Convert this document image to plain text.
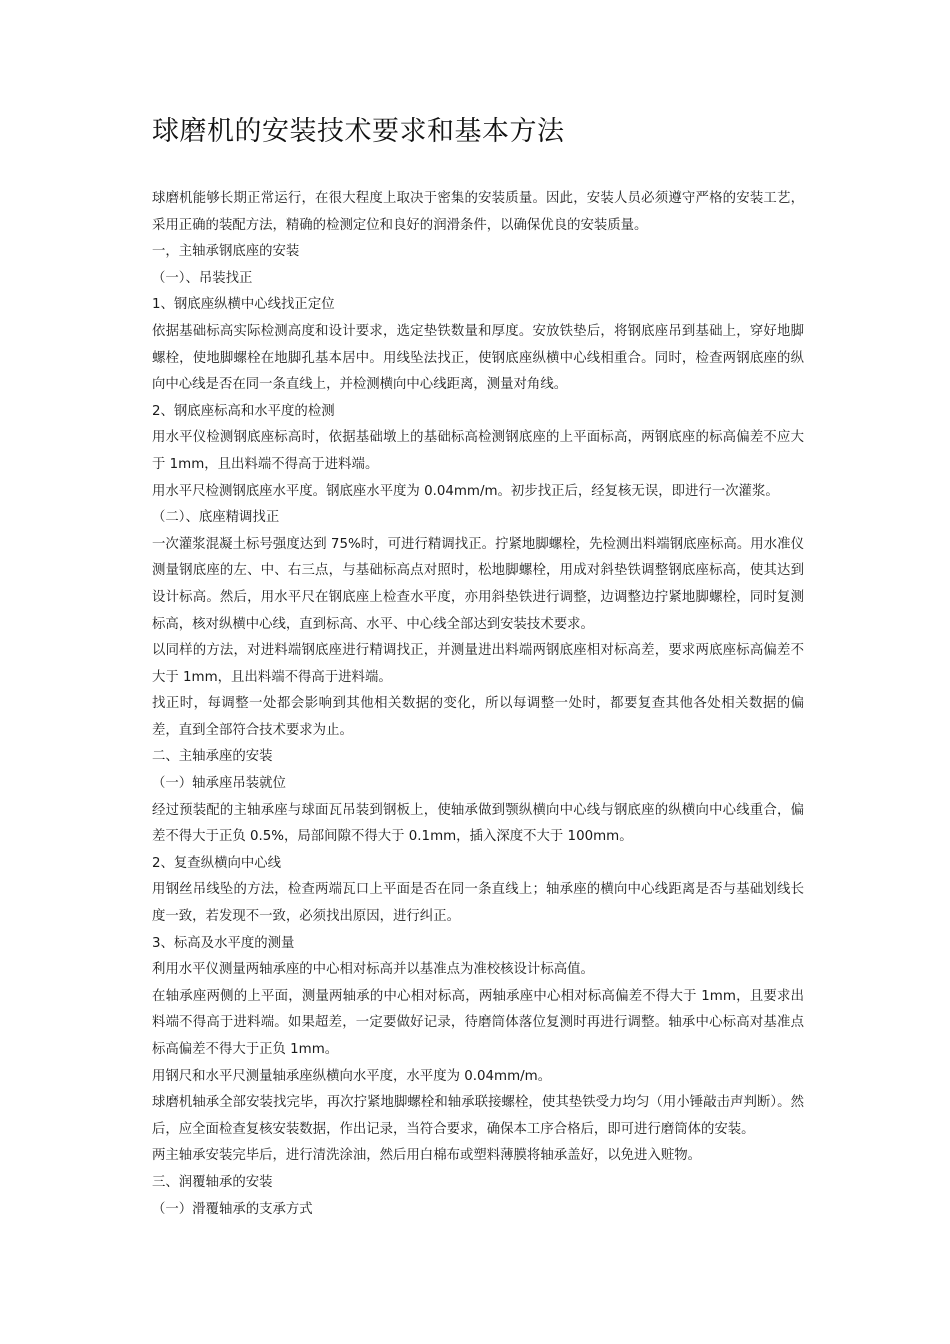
球磨机的安装技术要求和基本方法

球磨机能够长期正常运行，在很大程度上取决于密集的安装质量。因此，安装人员必须遵守严格的安装工艺，采用正确的装配方法，精确的检测定位和良好的润滑条件，以确保优良的安装质量。

一，主轴承钢底座的安装

（一）、吊装找正

1、钢底座纵横中心线找正定位

依据基础标高实际检测高度和设计要求，选定垫铁数量和厚度。安放铁垫后，将钢底座吊到基础上，穿好地脚螺栓，使地脚螺栓在地脚孔基本居中。用线坠法找正，使钢底座纵横中心线相重合。同时，检查两钢底座的纵向中心线是否在同一条直线上，并检测横向中心线距离，测量对角线。

2、钢底座标高和水平度的检测

用水平仪检测钢底座标高时，依据基础墩上的基础标高检测钢底座的上平面标高，两钢底座的标高偏差不应大于 1mm，且出料端不得高于进料端。

用水平尺检测钢底座水平度。钢底座水平度为 0.04mm/m。初步找正后，经复核无误，即进行一次灌浆。

（二）、底座精调找正

一次灌浆混凝土标号强度达到 75%时，可进行精调找正。拧紧地脚螺栓，先检测出料端钢底座标高。用水准仪测量钢底座的左、中、右三点，与基础标高点对照时，松地脚螺栓，用成对斜垫铁调整钢底座标高，使其达到设计标高。然后，用水平尺在钢底座上检查水平度，亦用斜垫铁进行调整，边调整边拧紧地脚螺栓，同时复测标高，核对纵横中心线，直到标高、水平、中心线全部达到安装技术要求。

以同样的方法，对进料端钢底座进行精调找正，并测量进出料端两钢底座相对标高差，要求两底座标高偏差不大于 1mm，且出料端不得高于进料端。

找正时，每调整一处都会影响到其他相关数据的变化，所以每调整一处时，都要复查其他各处相关数据的偏差，直到全部符合技术要求为止。

二、主轴承座的安装

（一）轴承座吊装就位

经过预装配的主轴承座与球面瓦吊装到钢板上，使轴承做到颚纵横向中心线与钢底座的纵横向中心线重合，偏差不得大于正负 0.5%，局部间隙不得大于 0.1mm，插入深度不大于 100mm。

2、复查纵横向中心线

用钢丝吊线坠的方法，检查两端瓦口上平面是否在同一条直线上；轴承座的横向中心线距离是否与基础划线长度一致，若发现不一致，必须找出原因，进行纠正。

3、标高及水平度的测量

利用水平仪测量两轴承座的中心相对标高并以基准点为准校核设计标高值。

在轴承座两侧的上平面，测量两轴承的中心相对标高，两轴承座中心相对标高偏差不得大于 1mm，且要求出料端不得高于进料端。如果超差，一定要做好记录，待磨筒体落位复测时再进行调整。轴承中心标高对基准点标高偏差不得大于正负 1mm。

用钢尺和水平尺测量轴承座纵横向水平度，水平度为 0.04mm/m。

球磨机轴承全部安装找完毕，再次拧紧地脚螺栓和轴承联接螺栓，使其垫铁受力均匀（用小锤敲击声判断）。然后，应全面检查复核安装数据，作出记录，当符合要求，确保本工序合格后，即可进行磨筒体的安装。

两主轴承安装完毕后，进行清洗涂油，然后用白棉布或塑料薄膜将轴承盖好，以免进入赃物。

三、润覆轴承的安装

（一）滑覆轴承的支承方式
